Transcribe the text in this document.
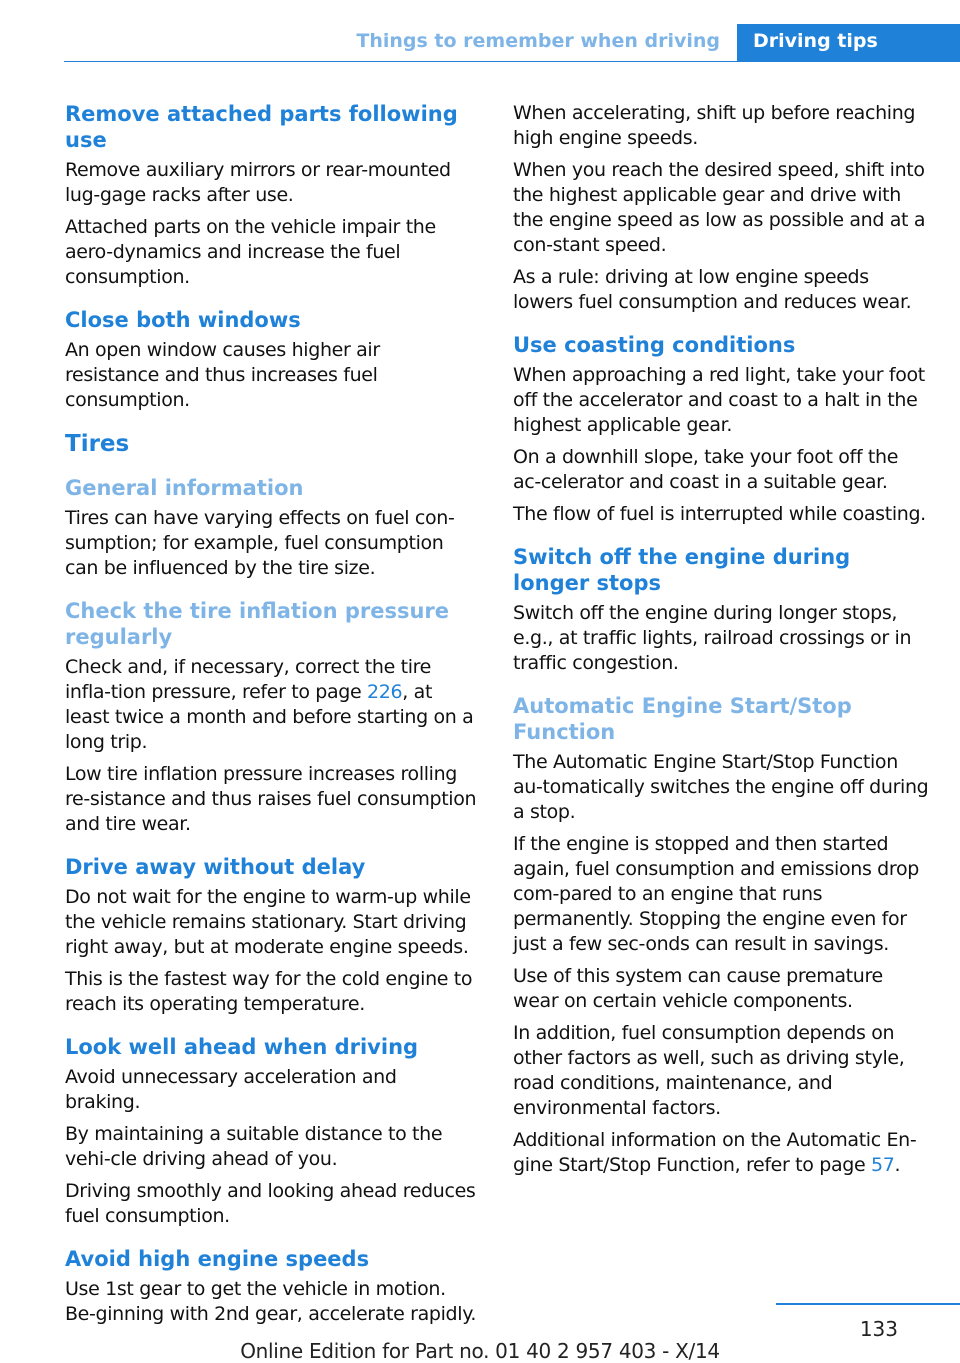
Things to remember when driving Driving tips
Remove attached parts following use

Remove auxiliary mirrors or rear-mounted lug-gage racks after use.

Attached parts on the vehicle impair the aero-dynamics and increase the fuel consumption.

Close both windows

An open window causes higher air resistance and thus increases fuel consumption.

Tires
General information

Tires can have varying effects on fuel con-sumption; for example, fuel consumption can be influenced by the tire size.

Check the tire inflation pressure regularly

Check and, if necessary, correct the tire infla-tion pressure, refer to page 226, at least twice a month and before starting on a long trip.

Low tire inflation pressure increases rolling re-sistance and thus raises fuel consumption and tire wear.

Drive away without delay

Do not wait for the engine to warm-up while the vehicle remains stationary. Start driving right away, but at moderate engine speeds.

This is the fastest way for the cold engine to reach its operating temperature.

Look well ahead when driving

Avoid unnecessary acceleration and braking.

By maintaining a suitable distance to the vehi-cle driving ahead of you.

Driving smoothly and looking ahead reduces fuel consumption.

Avoid high engine speeds

Use 1st gear to get the vehicle in motion. Be-ginning with 2nd gear, accelerate rapidly.

When accelerating, shift up before reaching high engine speeds.

When you reach the desired speed, shift into the highest applicable gear and drive with the engine speed as low as possible and at a con-stant speed.

As a rule: driving at low engine speeds lowers fuel consumption and reduces wear.

Use coasting conditions

When approaching a red light, take your foot off the accelerator and coast to a halt in the highest applicable gear.

On a downhill slope, take your foot off the ac-celerator and coast in a suitable gear.

The flow of fuel is interrupted while coasting.

Switch off the engine during longer stops

Switch off the engine during longer stops, e.g., at traffic lights, railroad crossings or in traffic congestion.

Automatic Engine Start/Stop Function

The Automatic Engine Start/Stop Function au-tomatically switches the engine off during a stop.

If the engine is stopped and then started again, fuel consumption and emissions drop com-pared to an engine that runs permanently. Stopping the engine even for just a few sec-onds can result in savings.

Use of this system can cause premature wear on certain vehicle components.

In addition, fuel consumption depends on other factors as well, such as driving style, road conditions, maintenance, and environmental factors.

Additional information on the Automatic En-gine Start/Stop Function, refer to page 57.

133
Online Edition for Part no. 01 40 2 957 403 - X/14
